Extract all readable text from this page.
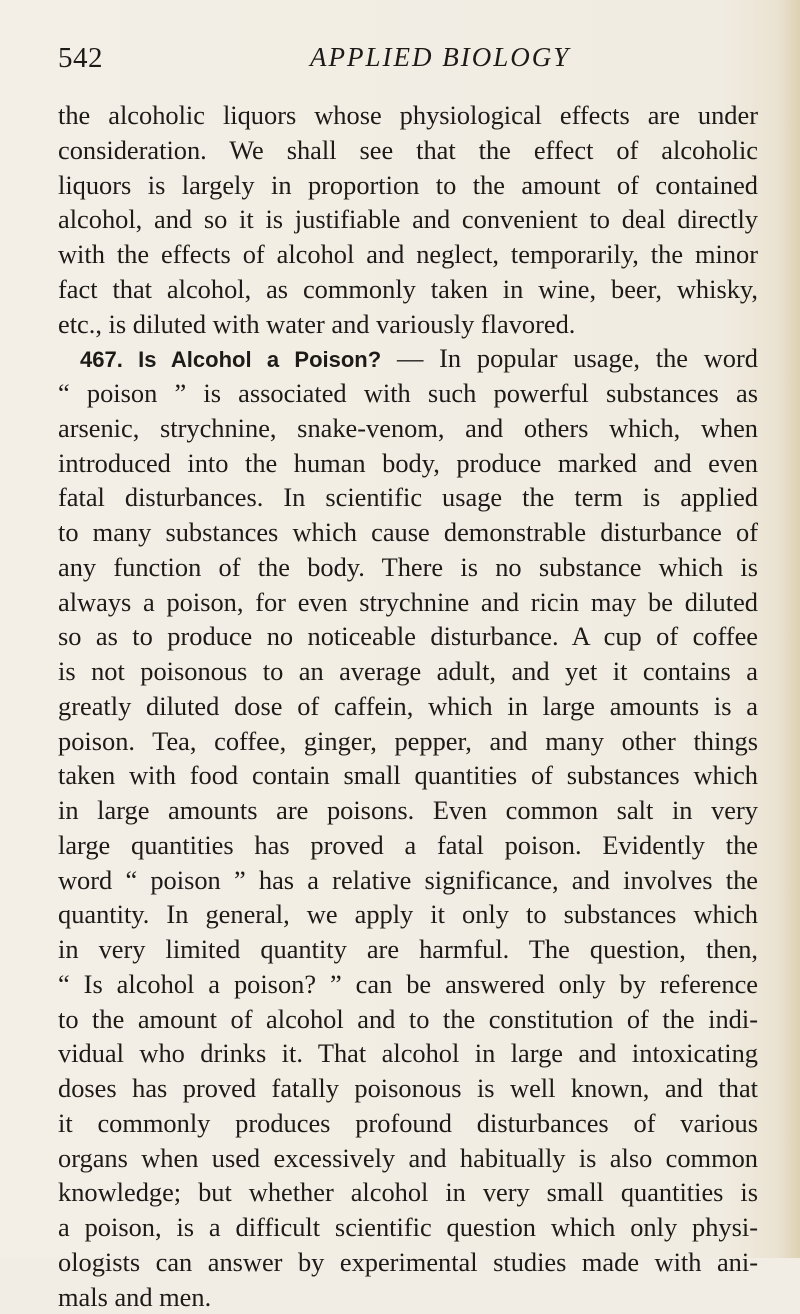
542	APPLIED BIOLOGY
the alcoholic liquors whose physiological effects are under
consideration. We shall see that the effect of alcoholic
liquors is largely in proportion to the amount of contained
alcohol, and so it is justifiable and convenient to deal directly
with the effects of alcohol and neglect, temporarily, the minor
fact that alcohol, as commonly taken in wine, beer, whisky,
etc., is diluted with water and variously flavored.
467. Is Alcohol a Poison? — In popular usage, the word
“ poison ” is associated with such powerful substances as
arsenic, strychnine, snake-venom, and others which, when
introduced into the human body, produce marked and even
fatal disturbances. In scientific usage the term is applied
to many substances which cause demonstrable disturbance of
any function of the body. There is no substance which is
always a poison, for even strychnine and ricin may be diluted
so as to produce no noticeable disturbance. A cup of coffee
is not poisonous to an average adult, and yet it contains a
greatly diluted dose of caffein, which in large amounts is a
poison. Tea, coffee, ginger, pepper, and many other things
taken with food contain small quantities of substances which
in large amounts are poisons. Even common salt in very
large quantities has proved a fatal poison. Evidently the
word “ poison ” has a relative significance, and involves the
quantity. In general, we apply it only to substances which
in very limited quantity are harmful. The question, then,
“ Is alcohol a poison? ” can be answered only by reference
to the amount of alcohol and to the constitution of the indi-
vidual who drinks it. That alcohol in large and intoxicating
doses has proved fatally poisonous is well known, and that
it commonly produces profound disturbances of various
organs when used excessively and habitually is also common
knowledge; but whether alcohol in very small quantities is
a poison, is a difficult scientific question which only physi-
ologists can answer by experimental studies made with ani-
mals and men.
